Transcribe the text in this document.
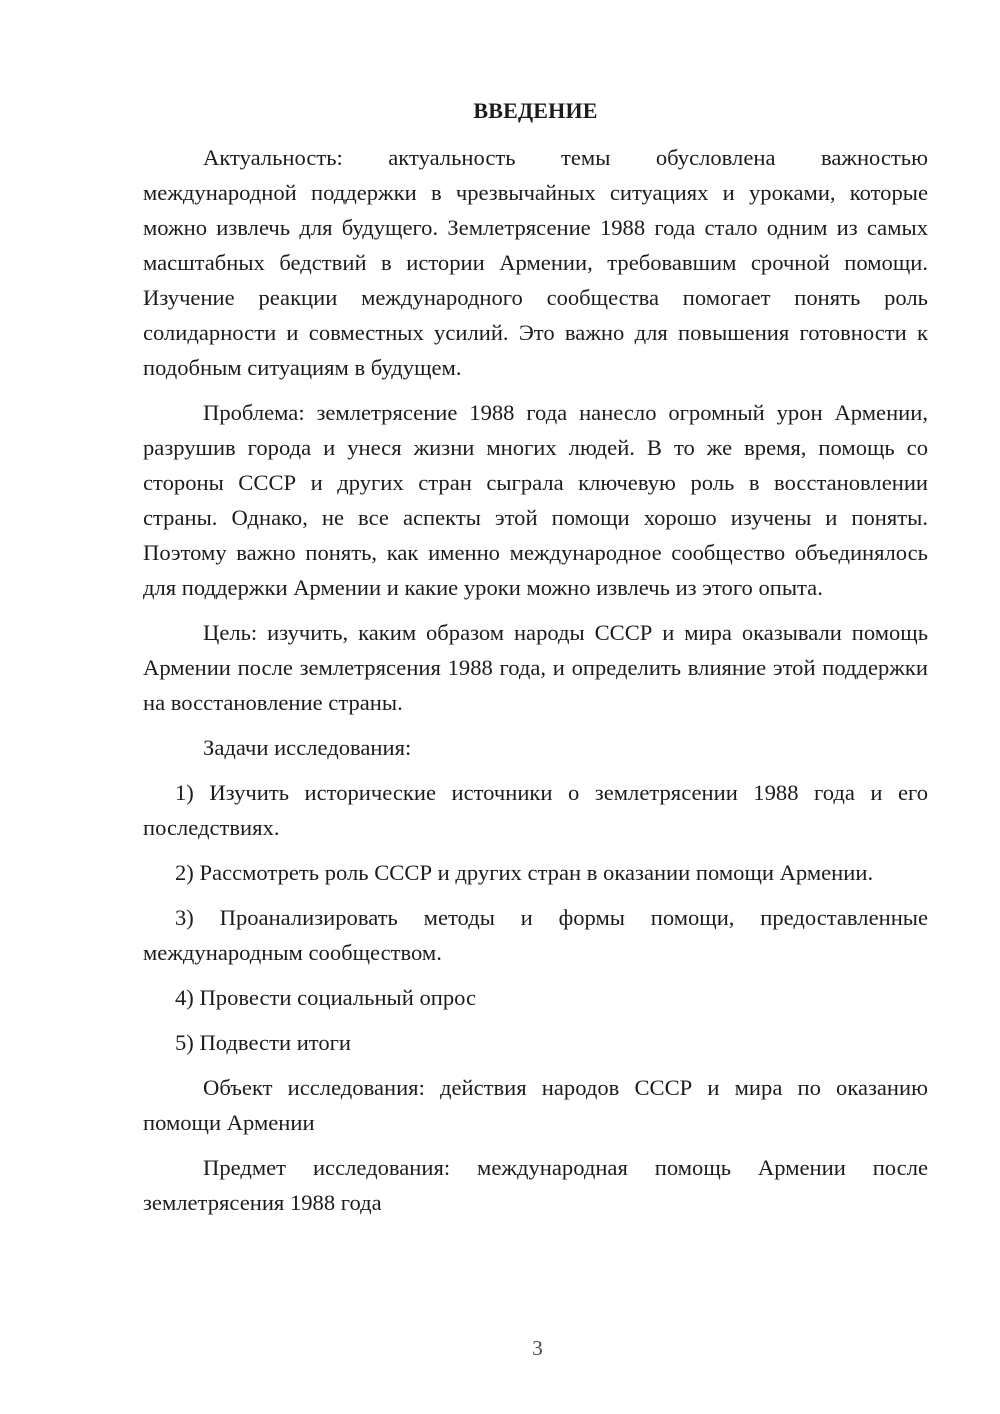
ВВЕДЕНИЕ

Актуальность: актуальность темы обусловлена важностью международной поддержки в чрезвычайных ситуациях и уроками, которые можно извлечь для будущего. Землетрясение 1988 года стало одним из самых масштабных бедствий в истории Армении, требовавшим срочной помощи. Изучение реакции международного сообщества помогает понять роль солидарности и совместных усилий. Это важно для повышения готовности к подобным ситуациям в будущем.

Проблема: землетрясение 1988 года нанесло огромный урон Армении, разрушив города и унеся жизни многих людей. В то же время, помощь со стороны СССР и других стран сыграла ключевую роль в восстановлении страны. Однако, не все аспекты этой помощи хорошо изучены и поняты. Поэтому важно понять, как именно международное сообщество объединялось для поддержки Армении и какие уроки можно извлечь из этого опыта.

Цель: изучить, каким образом народы СССР и мира оказывали помощь Армении после землетрясения 1988 года, и определить влияние этой поддержки на восстановление страны.

Задачи исследования:

1) Изучить исторические источники о землетрясении 1988 года и его последствиях.

2) Рассмотреть роль СССР и других стран в оказании помощи Армении.

3) Проанализировать методы и формы помощи, предоставленные международным сообществом.

4) Провести социальный опрос

5) Подвести итоги

Объект исследования: действия народов СССР и мира по оказанию помощи Армении

Предмет исследования: международная помощь Армении после землетрясения 1988 года

3
